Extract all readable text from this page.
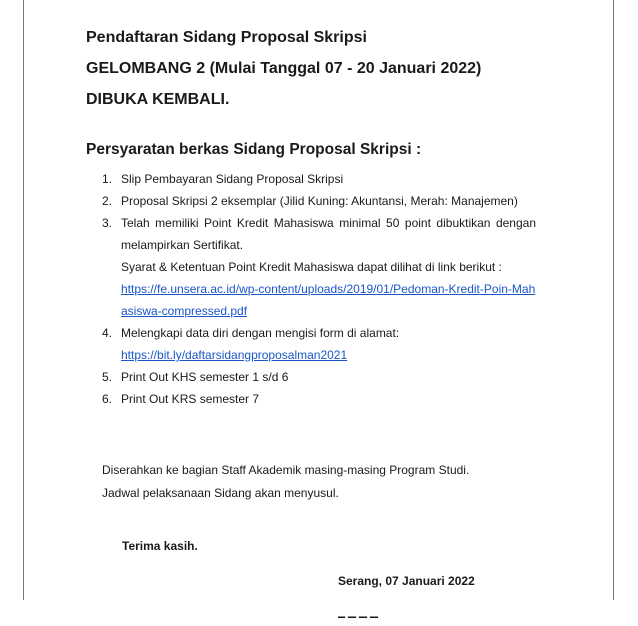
Pendaftaran Sidang Proposal Skripsi

GELOMBANG 2 (Mulai Tanggal 07 - 20 Januari 2022)

DIBUKA KEMBALI.

Persyaratan berkas Sidang Proposal Skripsi :
1. Slip Pembayaran Sidang Proposal Skripsi
2. Proposal Skripsi 2 eksemplar (Jilid Kuning: Akuntansi, Merah: Manajemen)
3. Telah memiliki Point Kredit Mahasiswa minimal 50 point dibuktikan dengan melampirkan Sertifikat.
Syarat & Ketentuan Point Kredit Mahasiswa dapat dilihat di link berikut :
https://fe.unsera.ac.id/wp-content/uploads/2019/01/Pedoman-Kredit-Poin-Mahasiswa-compressed.pdf
4. Melengkapi data diri dengan mengisi form di alamat:
https://bit.ly/daftarsidangproposalman2021
5. Print Out KHS semester 1 s/d 6
6. Print Out KRS semester 7
Diserahkan ke bagian Staff Akademik masing-masing Program Studi.
Jadwal pelaksanaan Sidang akan menyusul.
Terima kasih.
Serang, 07 Januari 2022
‾ ‾ ‾ ‾
